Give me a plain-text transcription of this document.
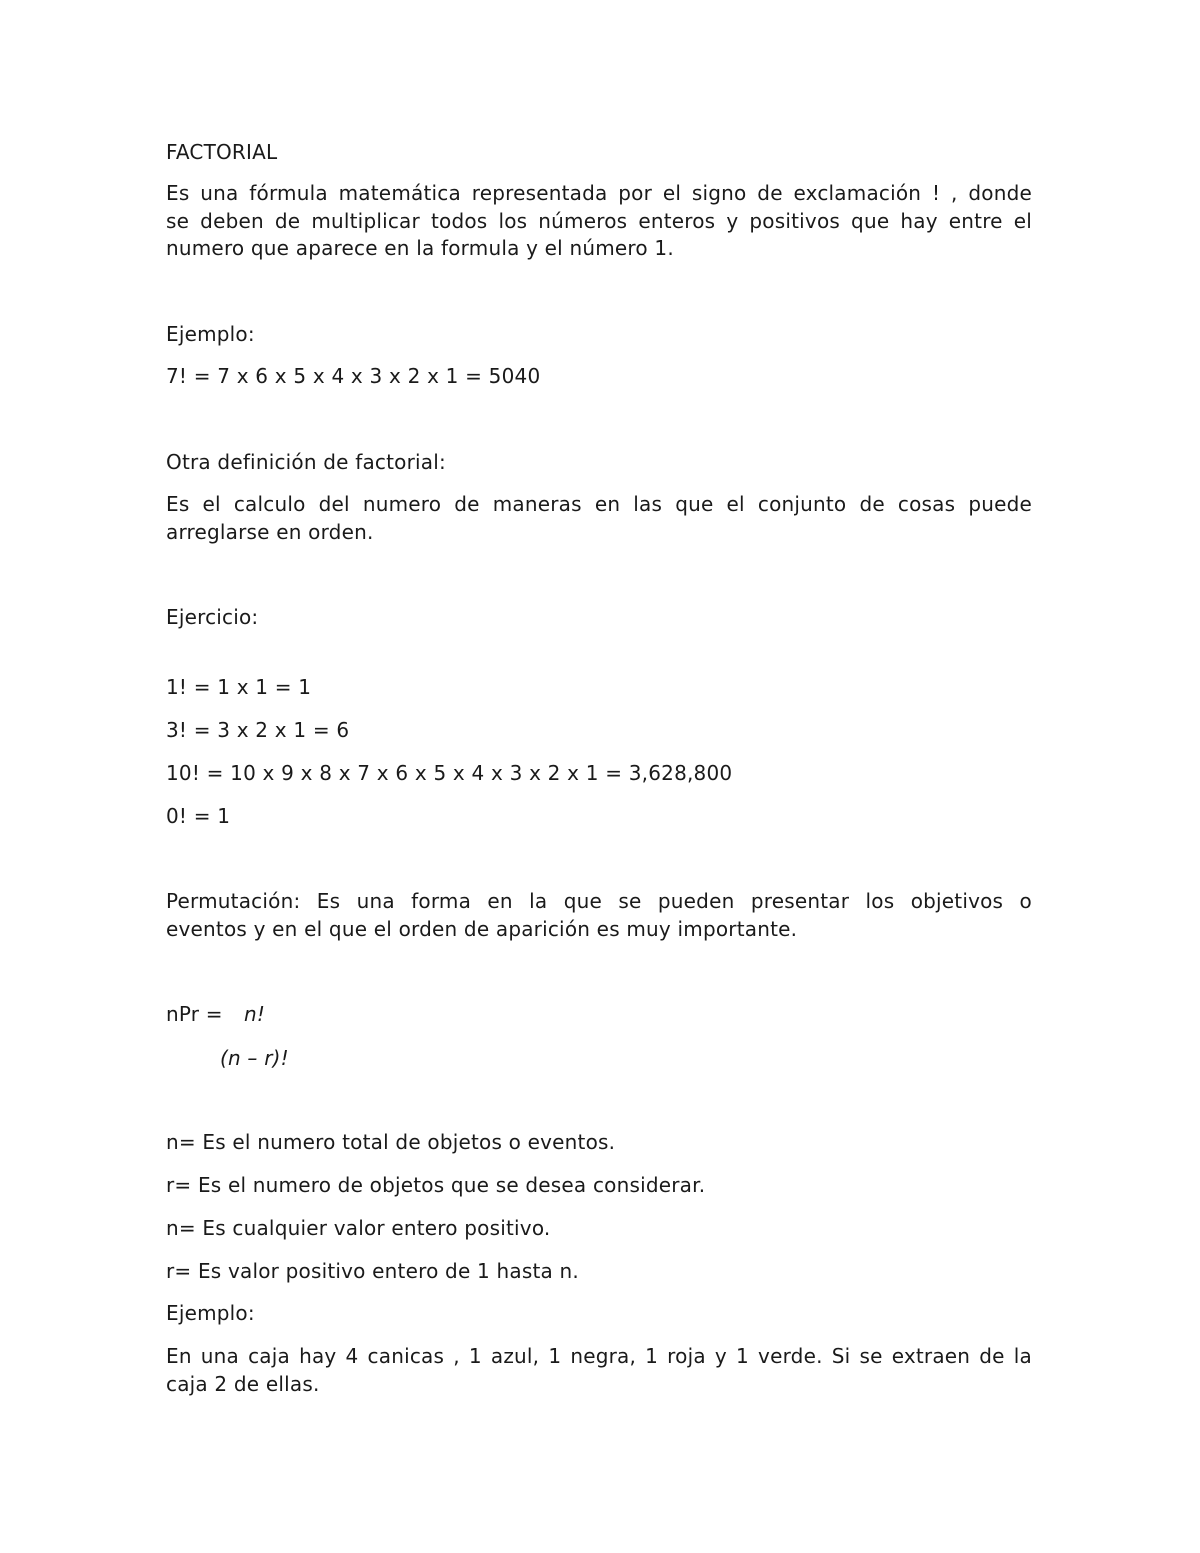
FACTORIAL
Es una fórmula matemática representada por el signo de exclamación ! , donde
se deben de multiplicar todos los números enteros y positivos que hay entre el
numero que aparece en la formula y el número 1.
Ejemplo:
7! = 7 x 6 x 5 x 4 x 3 x 2 x 1 = 5040
Otra definición de factorial:
Es el calculo del numero de maneras en las que el conjunto de cosas puede
arreglarse en orden.
Ejercicio:
1! = 1 x 1 = 1
3! = 3 x 2 x 1 = 6
10! = 10 x 9 x 8 x 7 x 6 x 5 x 4 x 3 x 2 x 1 = 3,628,800
0! = 1
Permutación: Es una forma en la que se pueden presentar los objetivos o
eventos y en el que el orden de aparición es muy importante.
nPr = n!
(n – r)!
n= Es el numero total de objetos o eventos.
r= Es el numero de objetos que se desea considerar.
n= Es cualquier valor entero positivo.
r= Es valor positivo entero de 1 hasta n.
Ejemplo:
En una caja hay 4 canicas , 1 azul, 1 negra, 1 roja y 1 verde. Si se extraen de la
caja 2 de ellas.
